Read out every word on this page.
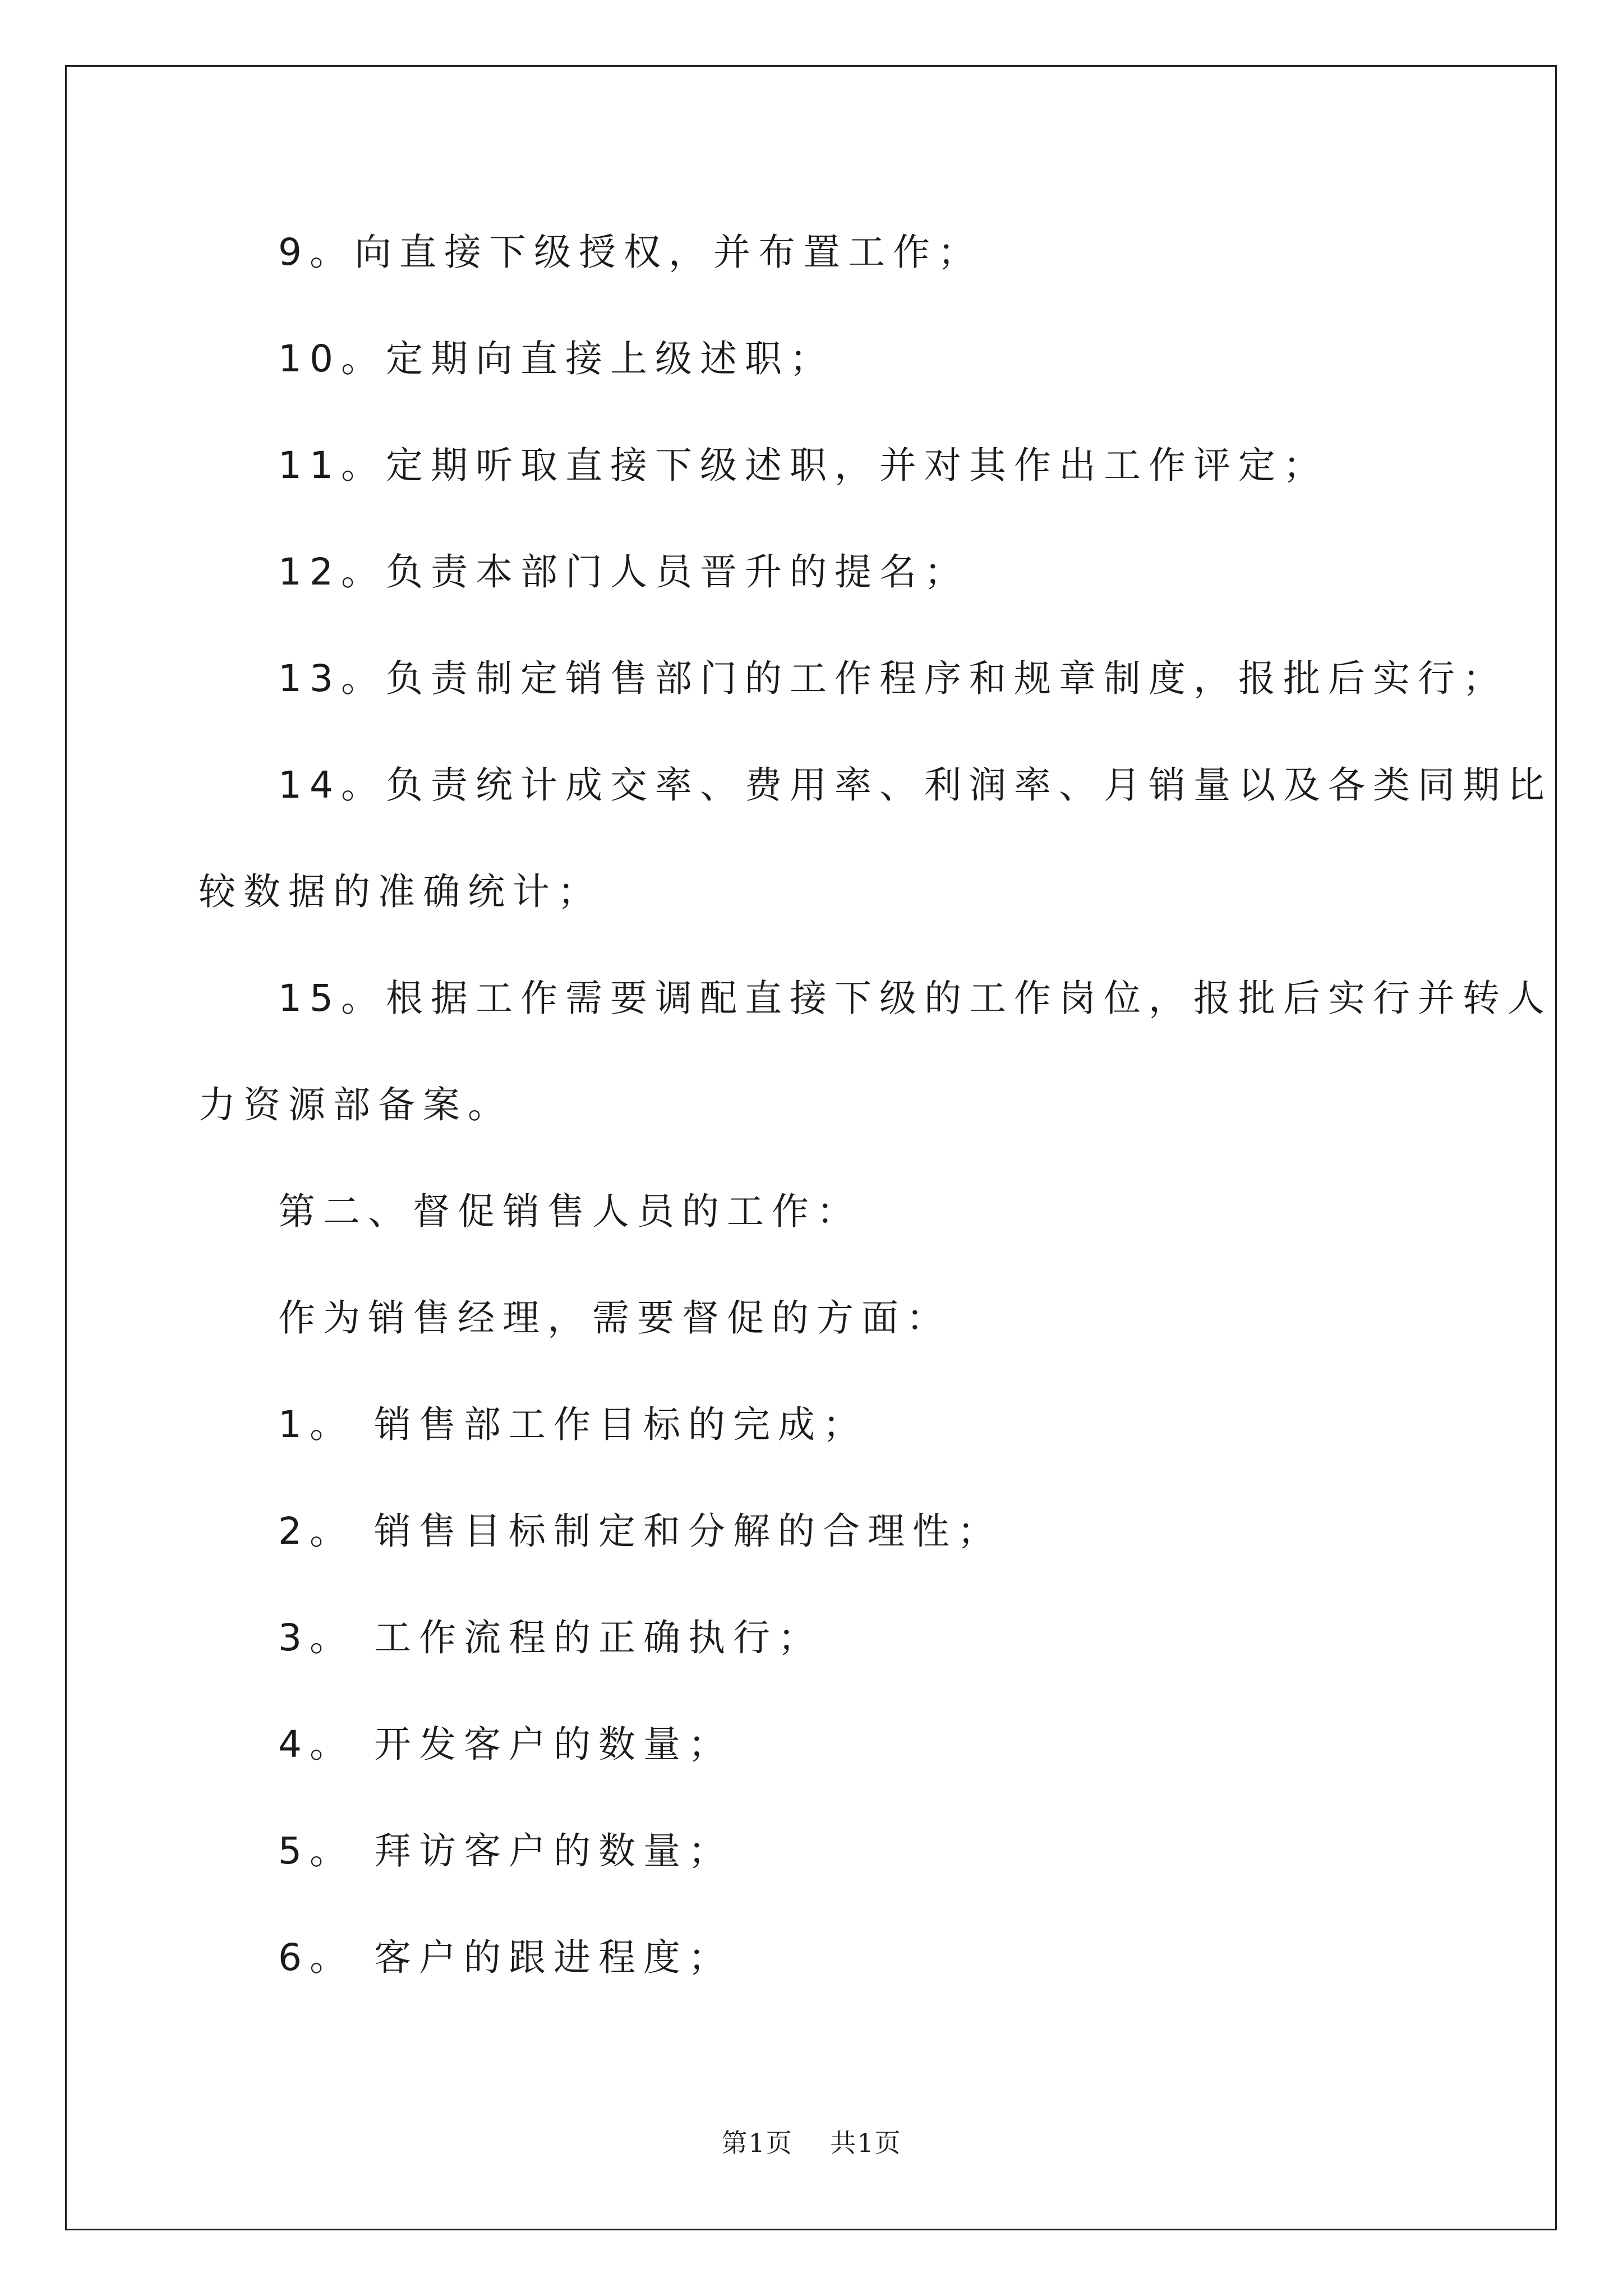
9。向直接下级授权，并布置工作；

10。定期向直接上级述职；

11。定期听取直接下级述职，并对其作出工作评定；

12。负责本部门人员晋升的提名；

13。负责制定销售部门的工作程序和规章制度，报批后实行；

14。负责统计成交率、费用率、利润率、月销量以及各类同期比

较数据的准确统计；

15。根据工作需要调配直接下级的工作岗位，报批后实行并转人

力资源部备案。

第二、督促销售人员的工作：

作为销售经理，需要督促的方面：

1。 销售部工作目标的完成；

2。 销售目标制定和分解的合理性；

3。 工作流程的正确执行；

4。 开发客户的数量；

5。 拜访客户的数量；

6。 客户的跟进程度；

第1页 共1页
